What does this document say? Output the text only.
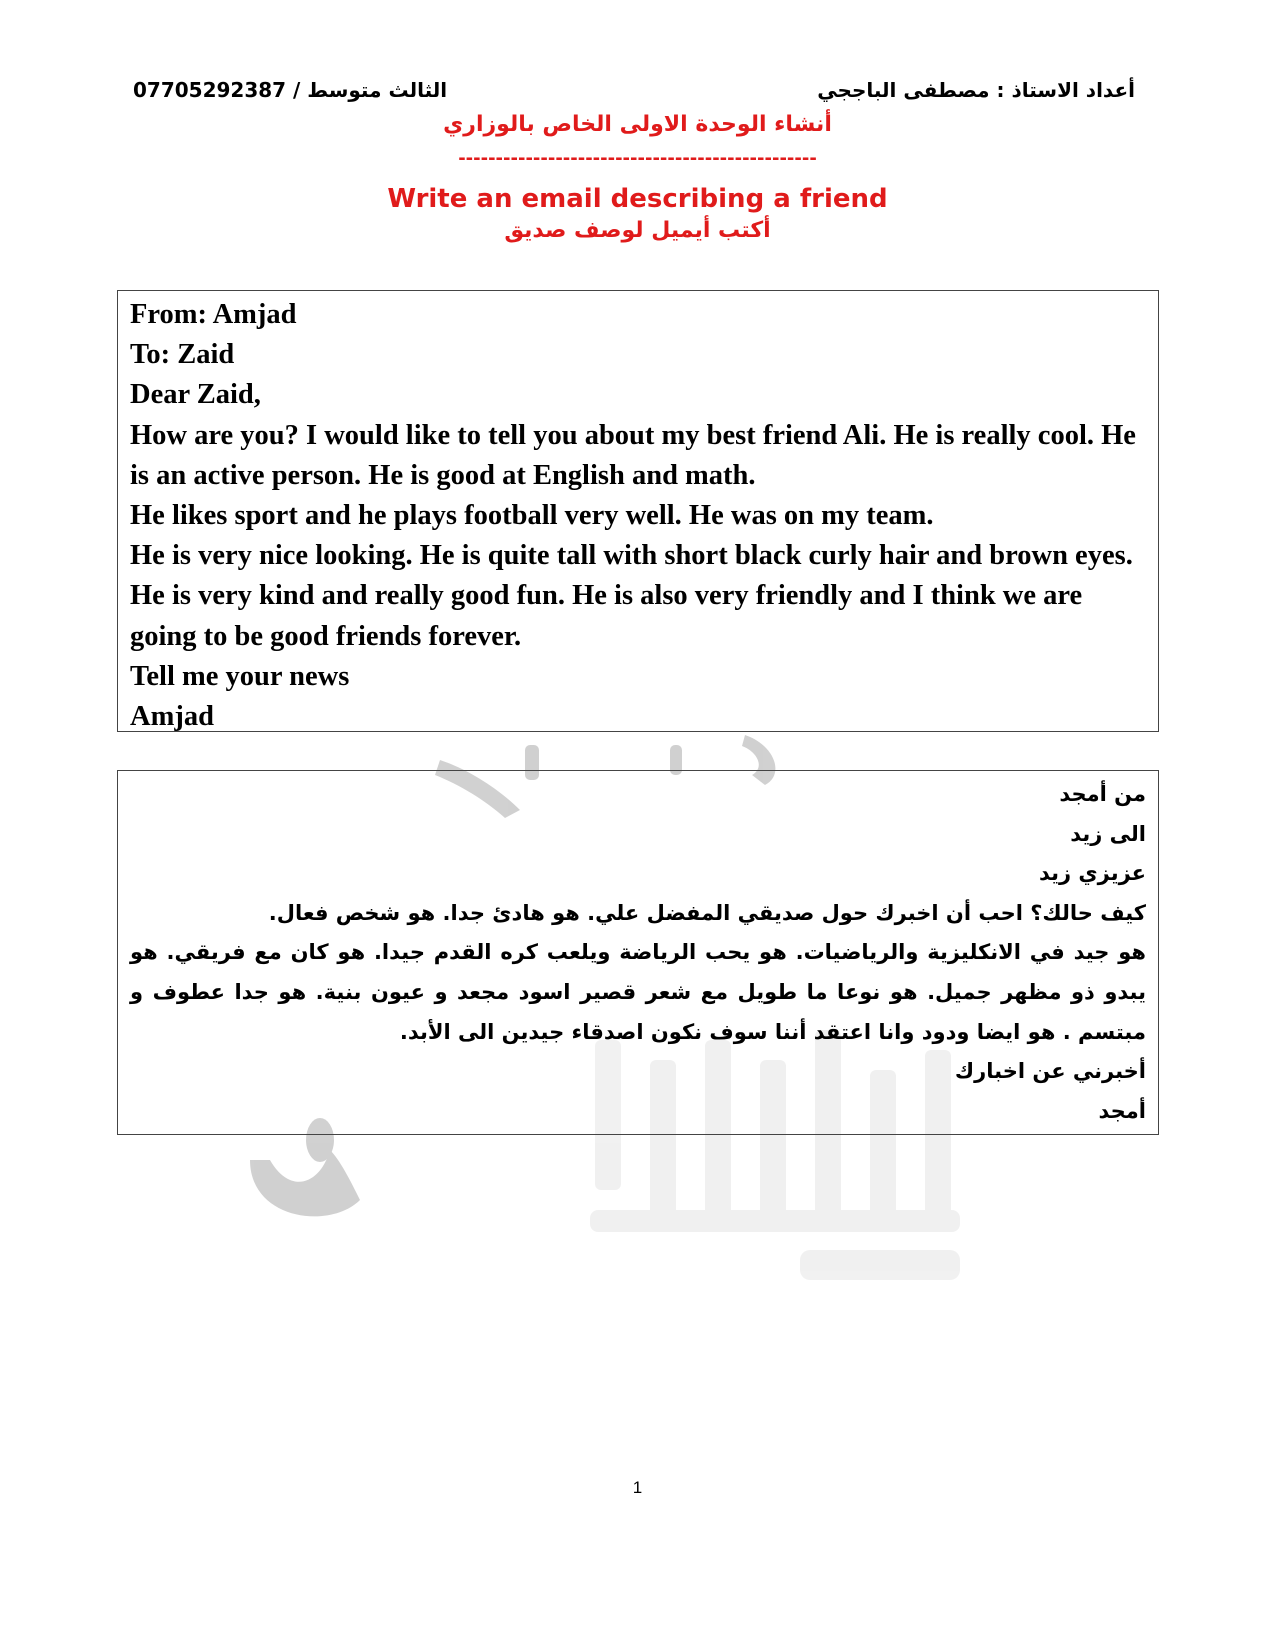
أعداد الاستاذ : مصطفى الباججي
الثالث متوسط / 07705292387
أنشاء الوحدة الاولى الخاص بالوزاري
------------------------------------------------
Write an email describing a friend
أكتب أيميل لوصف صديق

From: Amjad

To: Zaid

Dear Zaid,

How are you? I would like to tell you about my best friend Ali. He is really cool. He is an active person. He is good at English and math.

He likes sport and he plays football very well. He was on my team.

He is very nice looking. He is quite tall with short black curly hair and brown eyes. He is very kind and really good fun. He is also very friendly and I think we are going to be good friends forever.

Tell me your news

Amjad

من أمجد

الى زيد

عزيزي زيد

كيف حالك؟ احب أن اخبرك حول صديقي المفضل علي. هو هادئ جدا. هو شخص فعال.

هو جيد في الانكليزية والرياضيات. هو يحب الرياضة ويلعب كره القدم جيدا. هو كان مع فريقي. هو يبدو ذو مظهر جميل. هو نوعا ما طويل مع شعر قصير اسود مجعد و عيون بنية. هو جدا عطوف و مبتسم . هو ايضا ودود وانا اعتقد أننا سوف نكون اصدقاء جيدين الى الأبد.

أخبرني عن اخبارك

أمجد

1
